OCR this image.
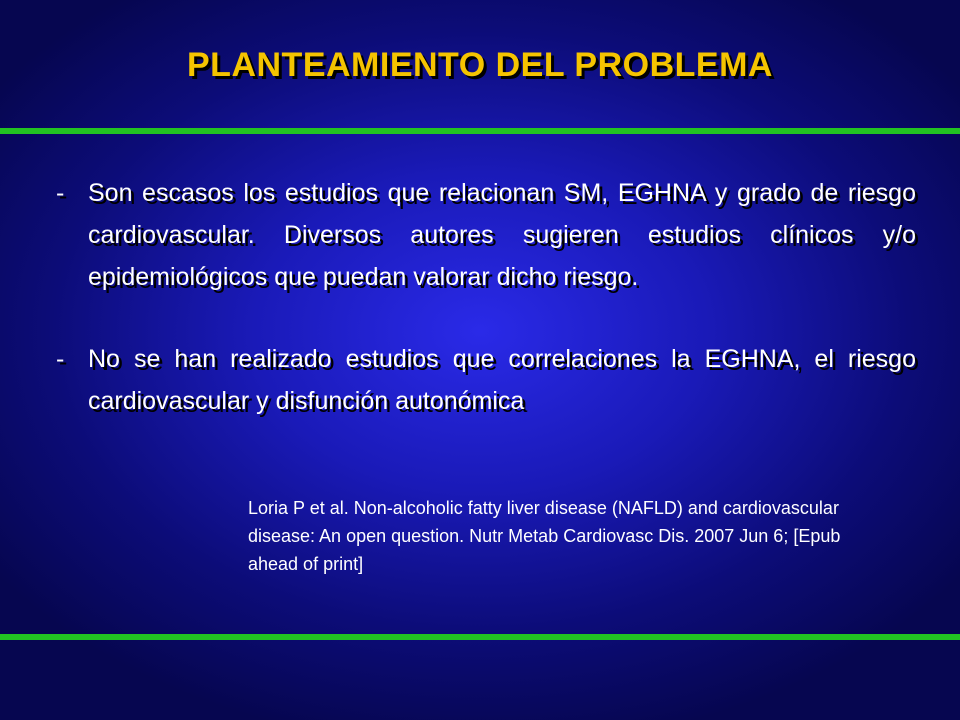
PLANTEAMIENTO DEL PROBLEMA
- Son escasos los estudios que relacionan SM, EGHNA y grado de riesgo cardiovascular. Diversos autores sugieren estudios clínicos y/o epidemiológicos que puedan valorar dicho riesgo.
- No se han realizado estudios que correlaciones la EGHNA, el riesgo cardiovascular y disfunción autonómica
Loria P et al. Non-alcoholic fatty liver disease (NAFLD) and cardiovascular disease: An open question. Nutr Metab Cardiovasc Dis. 2007 Jun 6; [Epub ahead of print]
